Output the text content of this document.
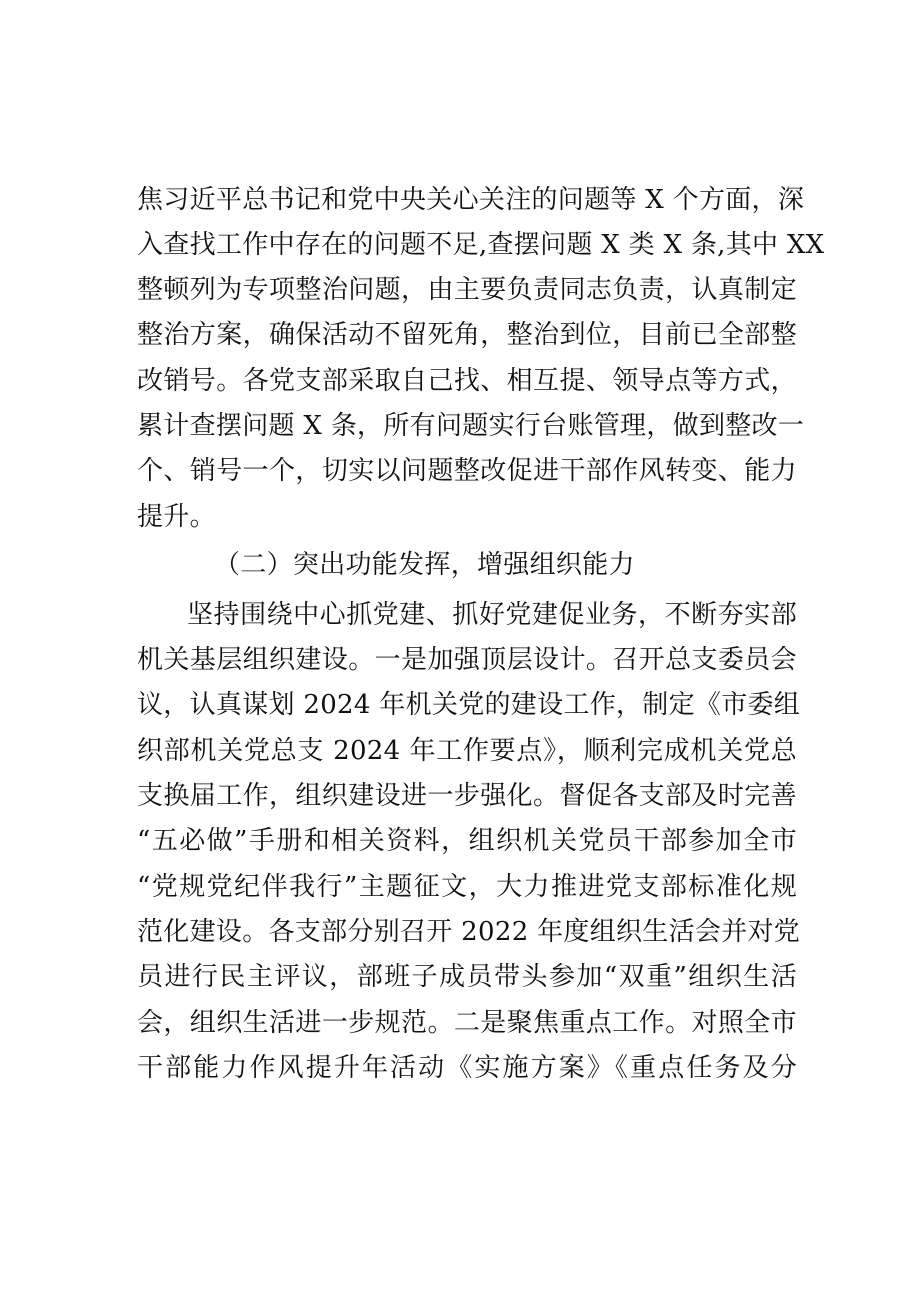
焦习近平总书记和党中央关心关注的问题等 X 个方面，深
入查找工作中存在的问题不足,查摆问题 X 类 X 条,其中 XX
整顿列为专项整治问题，由主要负责同志负责，认真制定
整治方案，确保活动不留死角，整治到位，目前已全部整
改销号。各党支部采取自己找、相互提、领导点等方式，
累计查摆问题 X 条，所有问题实行台账管理，做到整改一
个、销号一个，切实以问题整改促进干部作风转变、能力
提升。
（二）突出功能发挥，增强组织能力
坚持围绕中心抓党建、抓好党建促业务，不断夯实部
机关基层组织建设。一是加强顶层设计。召开总支委员会
议，认真谋划 2024 年机关党的建设工作，制定《市委组
织部机关党总支 2024 年工作要点》，顺利完成机关党总
支换届工作，组织建设进一步强化。督促各支部及时完善
“五必做”手册和相关资料，组织机关党员干部参加全市
“党规党纪伴我行”主题征文，大力推进党支部标准化规
范化建设。各支部分别召开 2022 年度组织生活会并对党
员进行民主评议，部班子成员带头参加“双重”组织生活
会，组织生活进一步规范。二是聚焦重点工作。对照全市
干部能力作风提升年活动《实施方案》《重点任务及分
